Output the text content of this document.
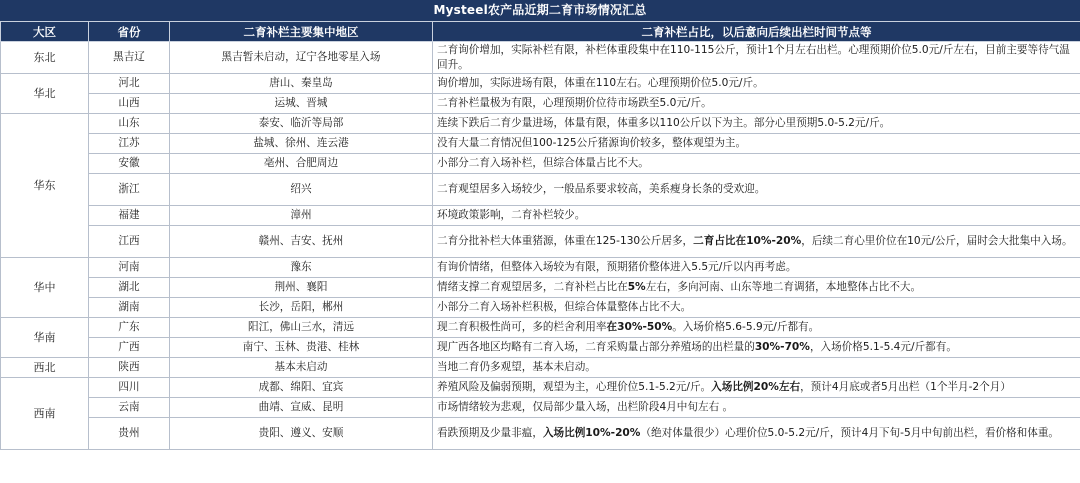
Mysteel农产品近期二育市场情况汇总
大区	省份	二育补栏主要集中地区	二育补栏占比，以后意向后续出栏时间节点等
东北	黑吉辽	黑吉暂未启动，辽宁各地零星入场	二育询价增加，实际补栏有限，补栏体重段集中在110-115公斤，预计1个月左右出栏。心理预期价位5.0元/斤左右，目前主要等待气温回升。
华北	河北	唐山、秦皇岛	询价增加，实际进场有限，体重在110左右。心理预期价位5.0元/斤。
	山西	运城、晋城	二育补栏量极为有限，心理预期价位待市场跌至5.0元/斤。
华东	山东	泰安、临沂等局部	连续下跌后二育少量进场，体量有限，体重多以110公斤以下为主。部分心里预期5.0-5.2元/斤。
	江苏	盐城、徐州、连云港	没有大量二育情况但100-125公斤猪源询价较多，整体观望为主。
	安徽	亳州、合肥周边	小部分二育入场补栏，但综合体量占比不大。
	浙江	绍兴	二育观望居多入场较少，一般品系要求较高，美系瘦身长条的受欢迎。
	福建	漳州	环境政策影响，二育补栏较少。
	江西	赣州、吉安、抚州	二育分批补栏大体重猪源，体重在125-130公斤居多，二育占比在10%-20%，后续二育心里价位在10元/公斤，届时会大批集中入场。
华中	河南	豫东	有询价情绪，但整体入场较为有限，预期猪价整体进入5.5元/斤以内再考虑。
	湖北	荆州、襄阳	情绪支撑二育观望居多，二育补栏占比在5%左右，多向河南、山东等地二育调猪，本地整体占比不大。
	湖南	长沙，岳阳，郴州	小部分二育入场补栏积极，但综合体量整体占比不大。
华南	广东	阳江，佛山三水，清远	现二育积极性尚可，多的栏舍利用率在30%-50%。入场价格5.6-5.9元/斤都有。
	广西	南宁、玉林、贵港、桂林	现广西各地区均略有二育入场，二育采购量占部分养殖场的出栏量的30%-70%，入场价格5.1-5.4元/斤都有。
西北	陕西	基本未启动	当地二育仍多观望，基本未启动。
西南	四川	成都、绵阳、宜宾	养殖风险及偏弱预期，观望为主，心理价位5.1-5.2元/斤。入场比例20%左右，预计4月底或者5月出栏（1个半月-2个月）
	云南	曲靖、宣威、昆明	市场情绪较为悲观，仅局部少量入场，出栏阶段4月中旬左右 。
	贵州	贵阳、遵义、安顺	看跌预期及少量非瘟，入场比例10%-20%（绝对体量很少）心理价位5.0-5.2元/斤，预计4月下旬-5月中旬前出栏，看价格和体重。
